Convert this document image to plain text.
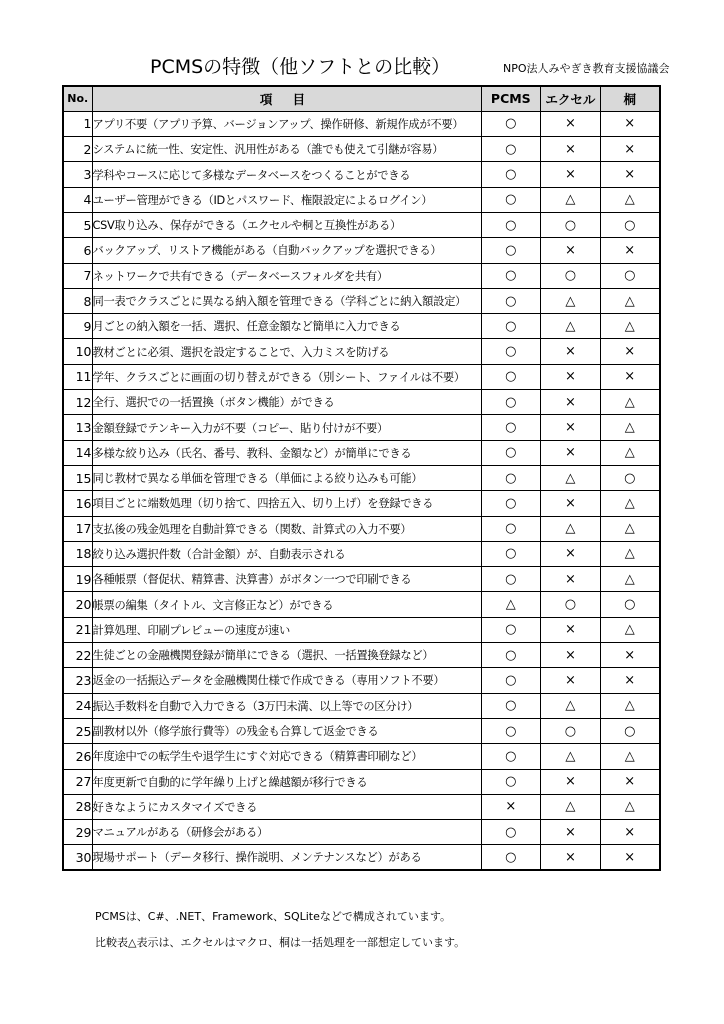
PCMSの特徴（他ソフトとの比較）	NPO法人みやぎき教育支援協議会
No.	項 目	PCMS	エクセル	桐
1	アプリ不要（アプリ予算、バージョンアップ、操作研修、新規作成が不要）	○	×	×
2	システムに統一性、安定性、汎用性がある（誰でも使えて引継が容易）	○	×	×
3	学科やコースに応じて多様なデータベースをつくることができる	○	×	×
4	ユーザー管理ができる（IDとパスワード、権限設定によるログイン）	○	△	△
5	CSV取り込み、保存ができる（エクセルや桐と互換性がある）	○	○	○
6	バックアップ、リストア機能がある（自動バックアップを選択できる）	○	×	×
7	ネットワークで共有できる（データベースフォルダを共有）	○	○	○
8	同一表でクラスごとに異なる納入額を管理できる（学科ごとに納入額設定）	○	△	△
9	月ごとの納入額を一括、選択、任意金額など簡単に入力できる	○	△	△
10	教材ごとに必須、選択を設定することで、入力ミスを防げる	○	×	×
11	学年、クラスごとに画面の切り替えができる（別シート、ファイルは不要）	○	×	×
12	全行、選択での一括置換（ボタン機能）ができる	○	×	△
13	金額登録でテンキー入力が不要（コピー、貼り付けが不要）	○	×	△
14	多様な絞り込み（氏名、番号、教科、金額など）が簡単にできる	○	×	△
15	同じ教材で異なる単価を管理できる（単価による絞り込みも可能）	○	△	○
16	項目ごとに端数処理（切り捨て、四捨五入、切り上げ）を登録できる	○	×	△
17	支払後の残金処理を自動計算できる（関数、計算式の入力不要）	○	△	△
18	絞り込み選択件数（合計金額）が、自動表示される	○	×	△
19	各種帳票（督促状、精算書、決算書）がボタン一つで印刷できる	○	×	△
20	帳票の編集（タイトル、文言修正など）ができる	△	○	○
21	計算処理、印刷プレビューの速度が速い	○	×	△
22	生徒ごとの金融機関登録が簡単にできる（選択、一括置換登録など）	○	×	×
23	返金の一括振込データを金融機関仕様で作成できる（専用ソフト不要）	○	×	×
24	振込手数料を自動で入力できる（3万円未満、以上等での区分け）	○	△	△
25	副教材以外（修学旅行費等）の残金も合算して返金できる	○	○	○
26	年度途中での転学生や退学生にすぐ対応できる（精算書印刷など）	○	△	△
27	年度更新で自動的に学年繰り上げと繰越額が移行できる	○	×	×
28	好きなようにカスタマイズできる	×	△	△
29	マニュアルがある（研修会がある）	○	×	×
30	現場サポート（データ移行、操作説明、メンテナンスなど）がある	○	×	×
PCMSは、C#、.NET、Framework、SQLiteなどで構成されています。
比較表△表示は、エクセルはマクロ、桐は一括処理を一部想定しています。
